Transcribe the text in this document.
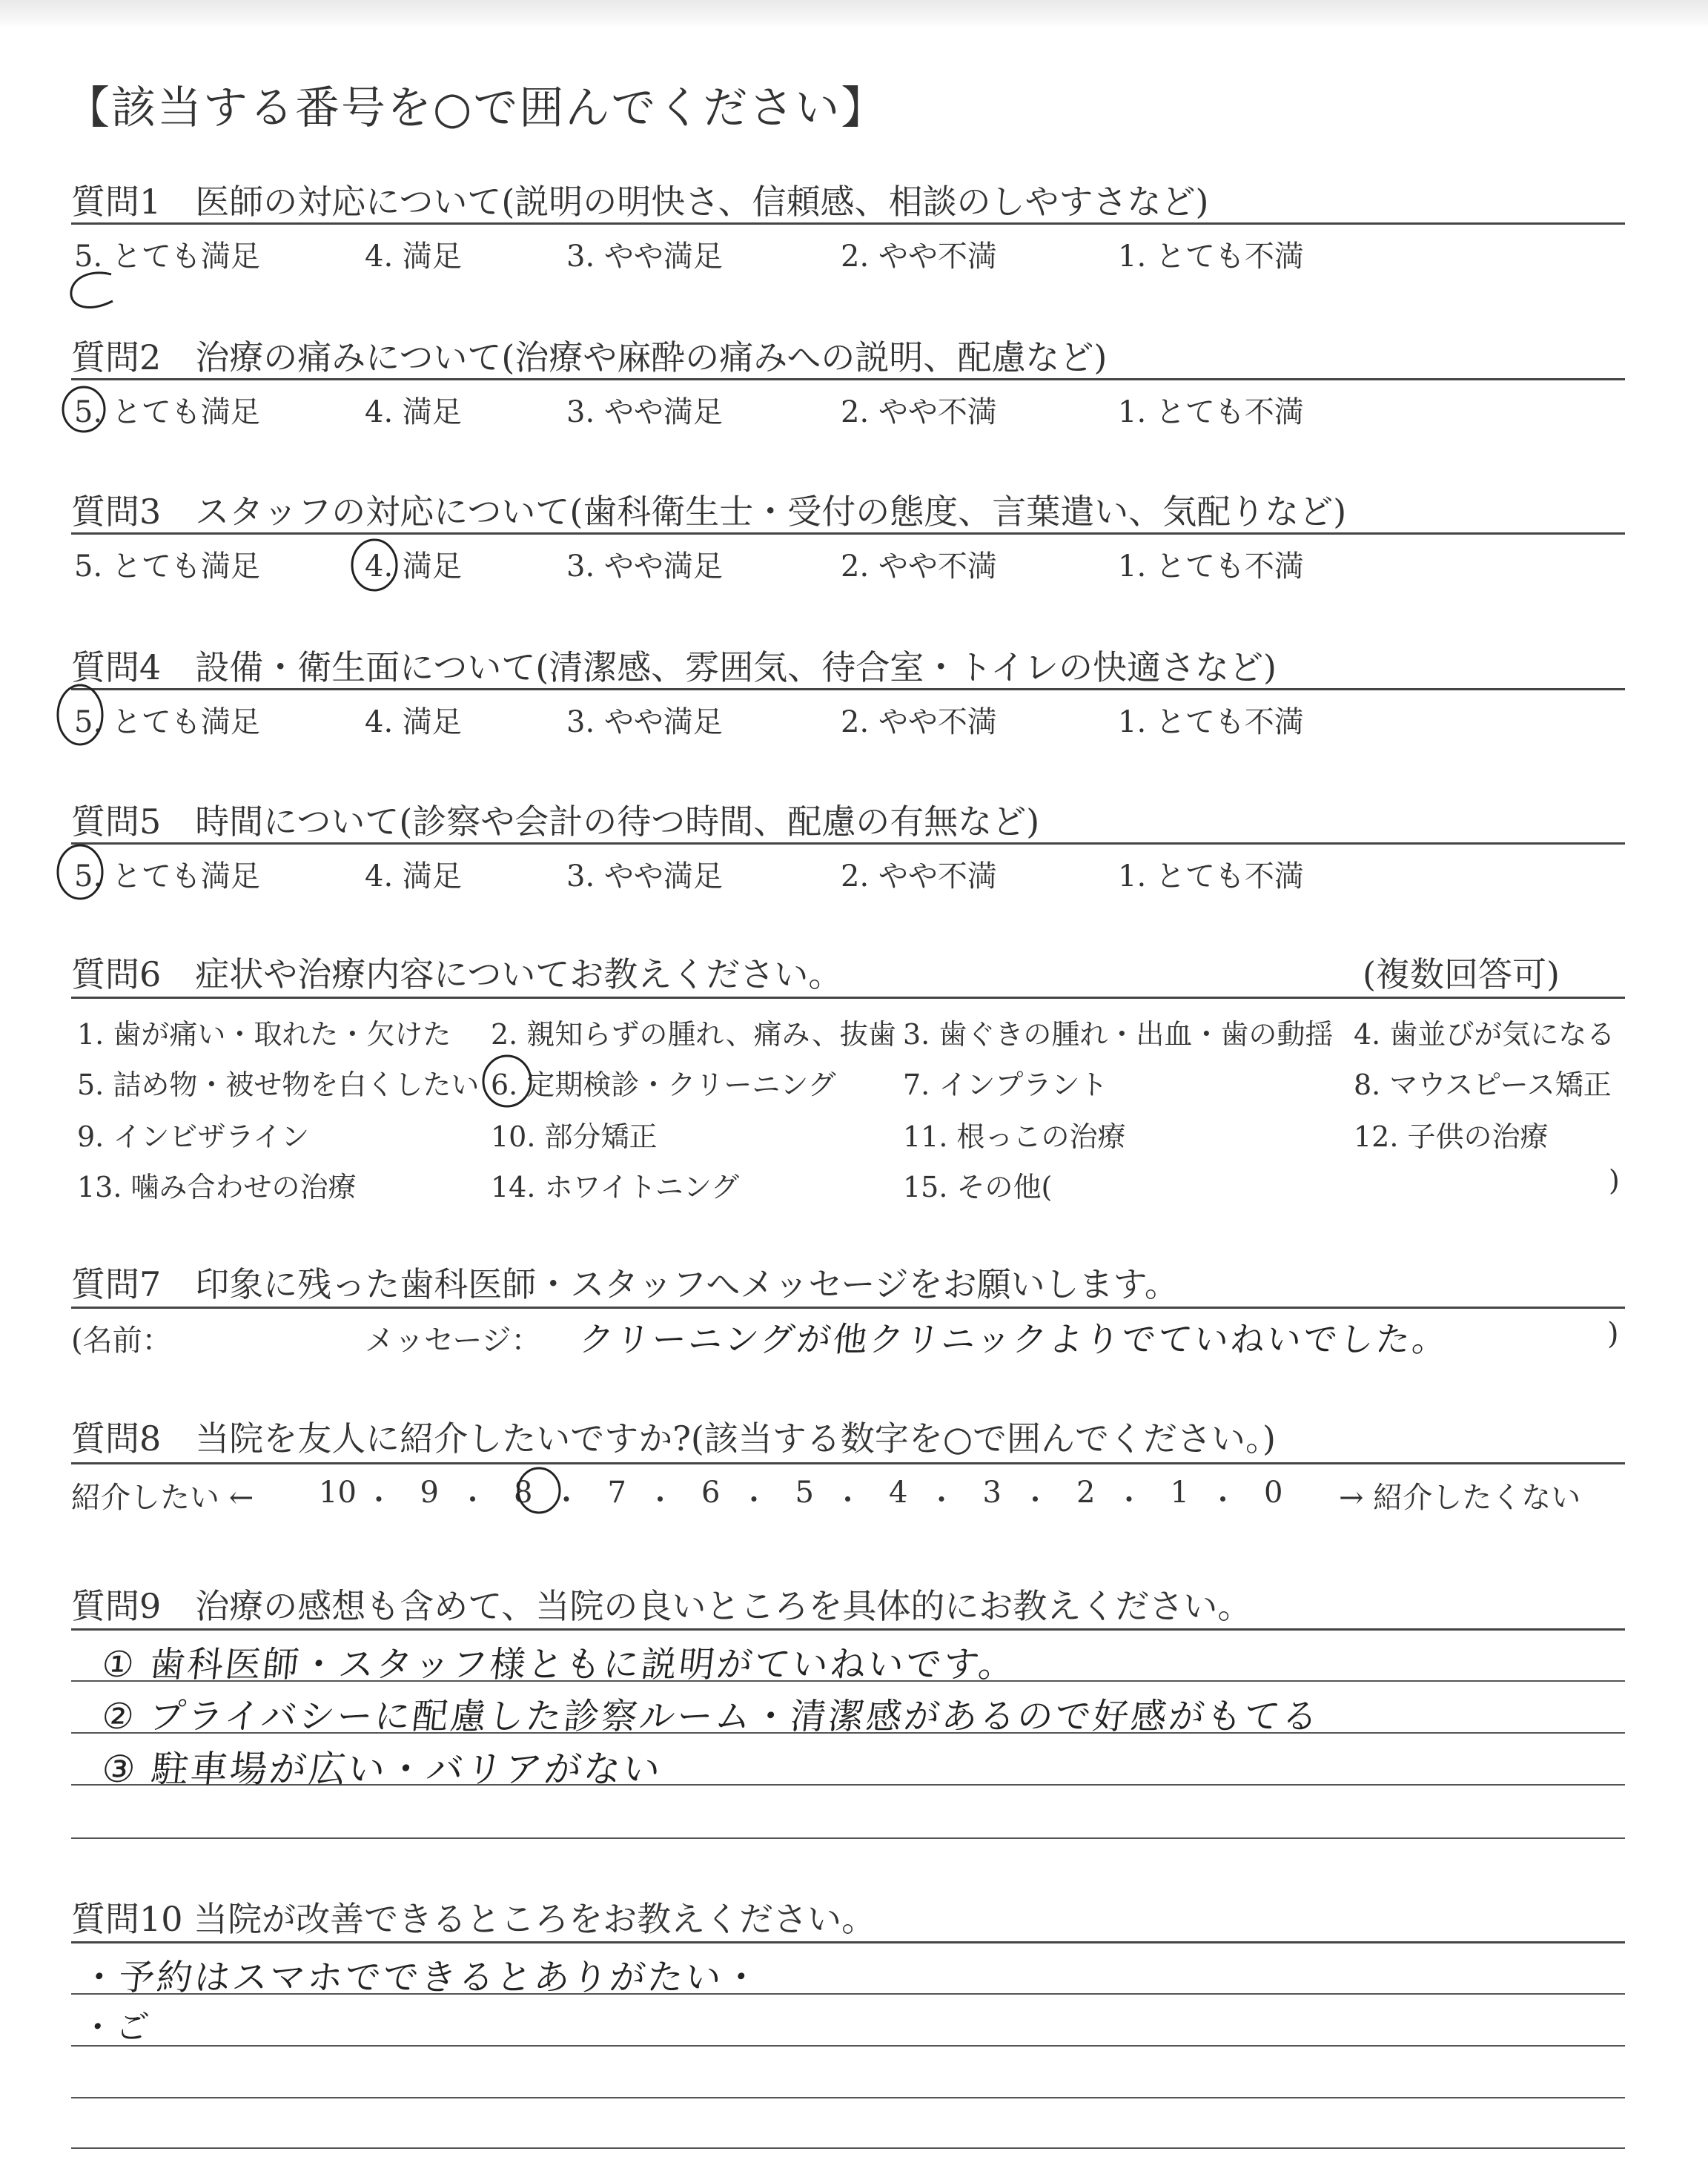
【該当する番号を○で囲んでください】
質問1　医師の対応について(説明の明快さ、信頼感、相談のしやすさなど)
5. とても満足	4. 満足	3. やや満足	2. やや不満	1. とても不満
質問2　治療の痛みについて(治療や麻酔の痛みへの説明、配慮など)
5. とても満足	4. 満足	3. やや満足	2. やや不満	1. とても不満
質問3　スタッフの対応について(歯科衛生士・受付の態度、言葉遣い、気配りなど)
5. とても満足	4. 満足	3. やや満足	2. やや不満	1. とても不満
質問4　設備・衛生面について(清潔感、雰囲気、待合室・トイレの快適さなど)
5. とても満足	4. 満足	3. やや満足	2. やや不満	1. とても不満
質問5　時間について(診察や会計の待つ時間、配慮の有無など)
5. とても満足	4. 満足	3. やや満足	2. やや不満	1. とても不満
質問6　症状や治療内容についてお教えください。	(複数回答可)
1. 歯が痛い・取れた・欠けた 2. 親知らずの腫れ、痛み、抜歯 3. 歯ぐきの腫れ・出血・歯の動揺 4. 歯並びが気になる
5. 詰め物・被せ物を白くしたい 6. 定期検診・クリーニング 7. インプラント	8. マウスピース矯正
9. インビザライン	10. 部分矯正	11. 根っこの治療	12. 子供の治療
13. 噛み合わせの治療	14. ホワイトニング	15. その他(	)
質問7　印象に残った歯科医師・スタッフへメッセージをお願いします。
(名前：	メッセージ： クリーニングが他クリニックよりでていねいでした。	)
質問8　当院を友人に紹介したいですか?(該当する数字を○で囲んでください。)
紹介したい ← 10 ・ 9 ・ 8 ・ 7 ・ 6 ・ 5 ・ 4 ・ 3 ・ 2 ・ 1 ・ 0 → 紹介したくない
質問9　治療の感想も含めて、当院の良いところを具体的にお教えください。
① 歯科医師・スタッフ様ともに説明がていねいです。
② プライバシーに配慮した診察ルーム・清潔感があるので好感がもてる
③ 駐車場が広い・バリアがない
質問10 当院が改善できるところをお教えください。
・予約はスマホでできるとありがたい・
・ご
